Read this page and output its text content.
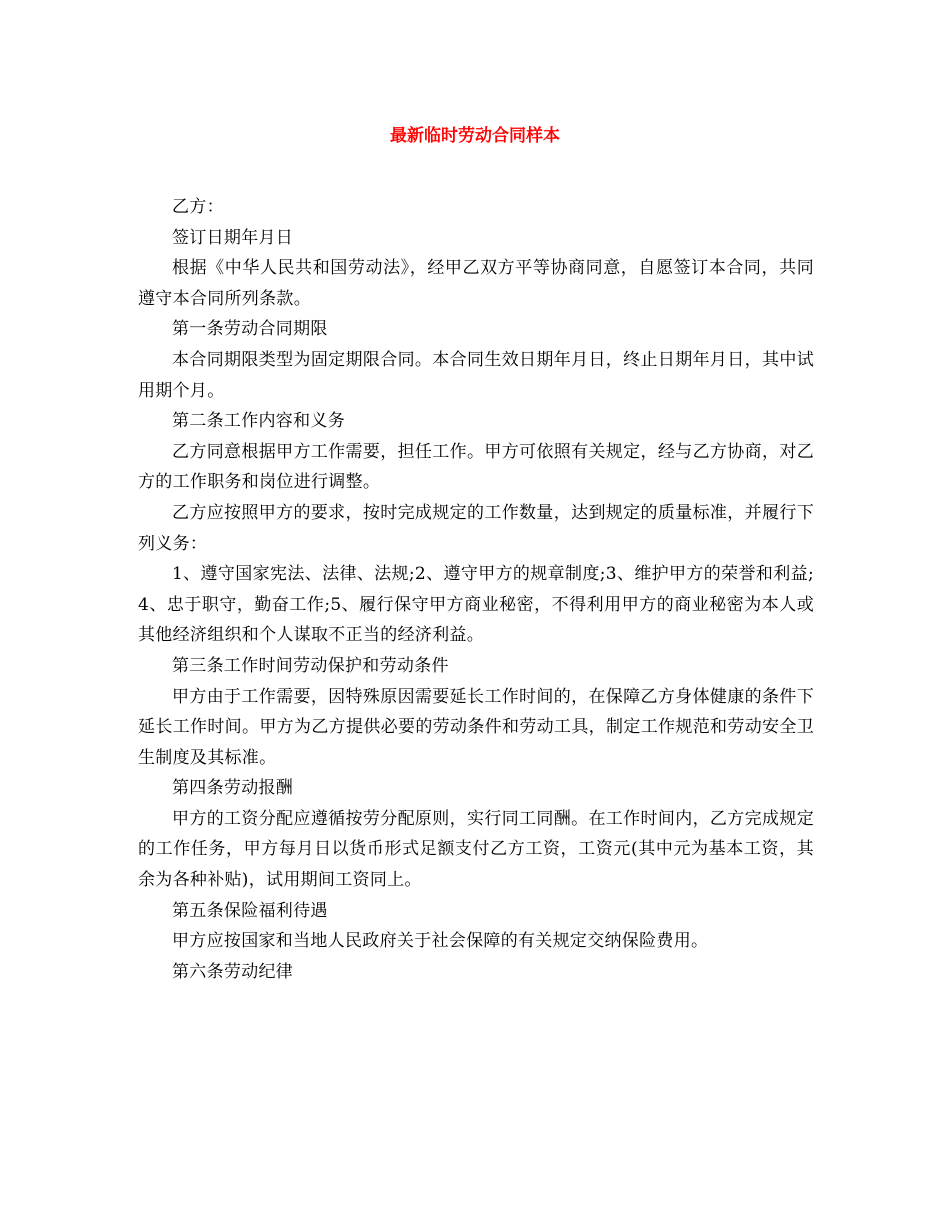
最新临时劳动合同样本

乙方：

签订日期年月日

根据《中华人民共和国劳动法》，经甲乙双方平等协商同意，自愿签订本合同，共同遵守本合同所列条款。

第一条劳动合同期限

本合同期限类型为固定期限合同。本合同生效日期年月日，终止日期年月日，其中试用期个月。

第二条工作内容和义务

乙方同意根据甲方工作需要，担任工作。甲方可依照有关规定，经与乙方协商，对乙方的工作职务和岗位进行调整。

乙方应按照甲方的要求，按时完成规定的工作数量，达到规定的质量标准，并履行下列义务：

1、遵守国家宪法、法律、法规;2、遵守甲方的规章制度;3、维护甲方的荣誉和利益;4、忠于职守，勤奋工作;5、履行保守甲方商业秘密，不得利用甲方的商业秘密为本人或其他经济组织和个人谋取不正当的经济利益。

第三条工作时间劳动保护和劳动条件

甲方由于工作需要，因特殊原因需要延长工作时间的，在保障乙方身体健康的条件下延长工作时间。甲方为乙方提供必要的劳动条件和劳动工具，制定工作规范和劳动安全卫生制度及其标准。

第四条劳动报酬

甲方的工资分配应遵循按劳分配原则，实行同工同酬。在工作时间内，乙方完成规定的工作任务，甲方每月日以货币形式足额支付乙方工资，工资元(其中元为基本工资，其余为各种补贴)，试用期间工资同上。

第五条保险福利待遇

甲方应按国家和当地人民政府关于社会保障的有关规定交纳保险费用。

第六条劳动纪律
